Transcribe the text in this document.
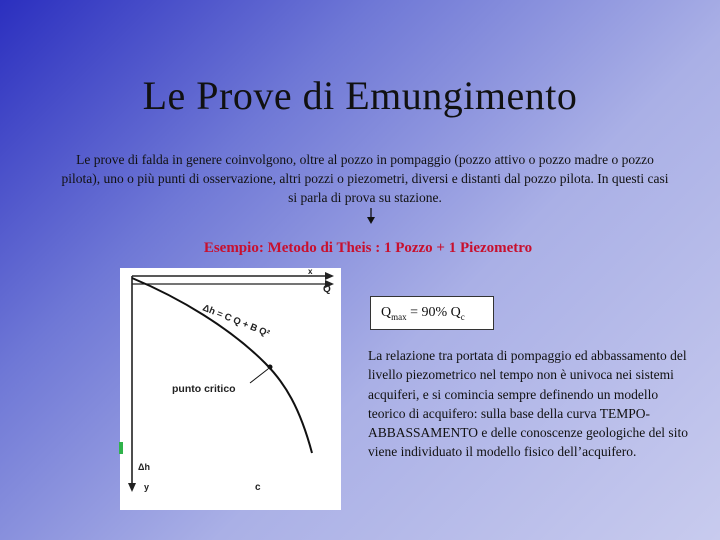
Le Prove di Emungimento
Le prove di falda in genere coinvolgono, oltre al pozzo in pompaggio (pozzo attivo o pozzo madre o pozzo pilota), uno o più punti di osservazione, altri pozzi o piezometri, diversi e distanti dal pozzo pilota. In questi casi si parla di prova su stazione.
Esempio: Metodo di Theis : 1 Pozzo + 1 Piezometro
x
Q
Δh = C Q + B Q²
punto critico
Δh
y	c
$Q_{max} = 90\%$ $Q_c$
La relazione tra portata di pompaggio ed abbassamento del livello piezometrico nel tempo non è univoca nei sistemi acquiferi, e si comincia sempre definendo un modello teorico di acquifero: sulla base della curva TEMPO-ABBASSAMENTO e delle conoscenze geologiche del sito viene individuato il modello fisico dell’acquifero.
